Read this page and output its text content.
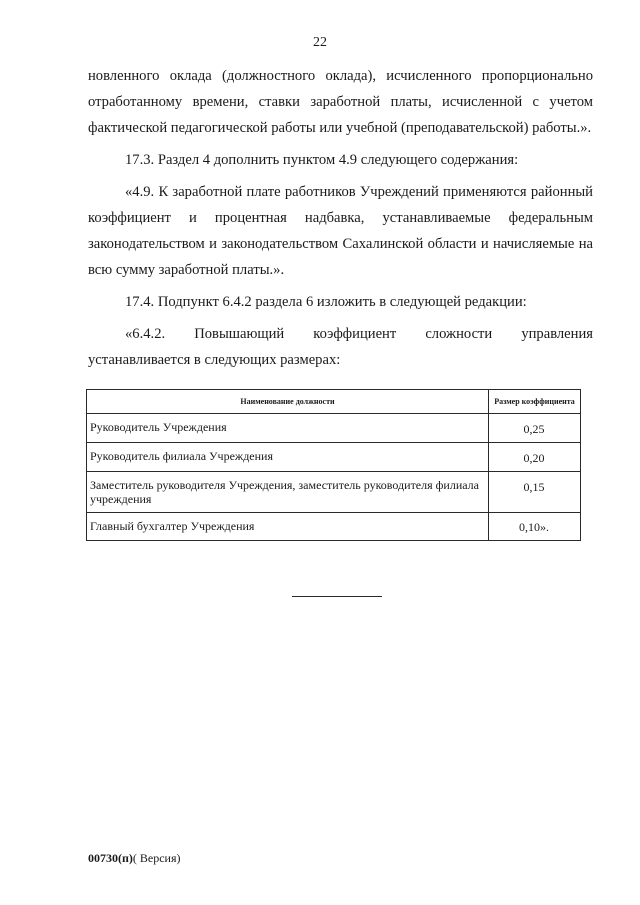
22

новленного оклада (должностного оклада), исчисленного пропорционально отработанному времени, ставки заработной платы, исчисленной с учетом фактической педагогической работы или учебной (преподавательской) работы.».

17.3. Раздел 4 дополнить пунктом 4.9 следующего содержания:

«4.9. К заработной плате работников Учреждений применяются районный коэффициент и процентная надбавка, устанавливаемые федеральным законодательством и законодательством Сахалинской области и начисляемые на всю сумму заработной платы.».

17.4. Подпункт 6.4.2 раздела 6 изложить в следующей редакции:

«6.4.2. Повышающий коэффициент сложности управления устанавливается в следующих размерах:

Наименование должности	Размер коэффициента
Руководитель Учреждения	0,25
Руководитель филиала Учреждения	0,20
Заместитель руководителя Учреждения, заместитель руководителя филиала учреждения	0,15
Главный бухгалтер Учреждения	0,10».
00730(п)( Версия)
